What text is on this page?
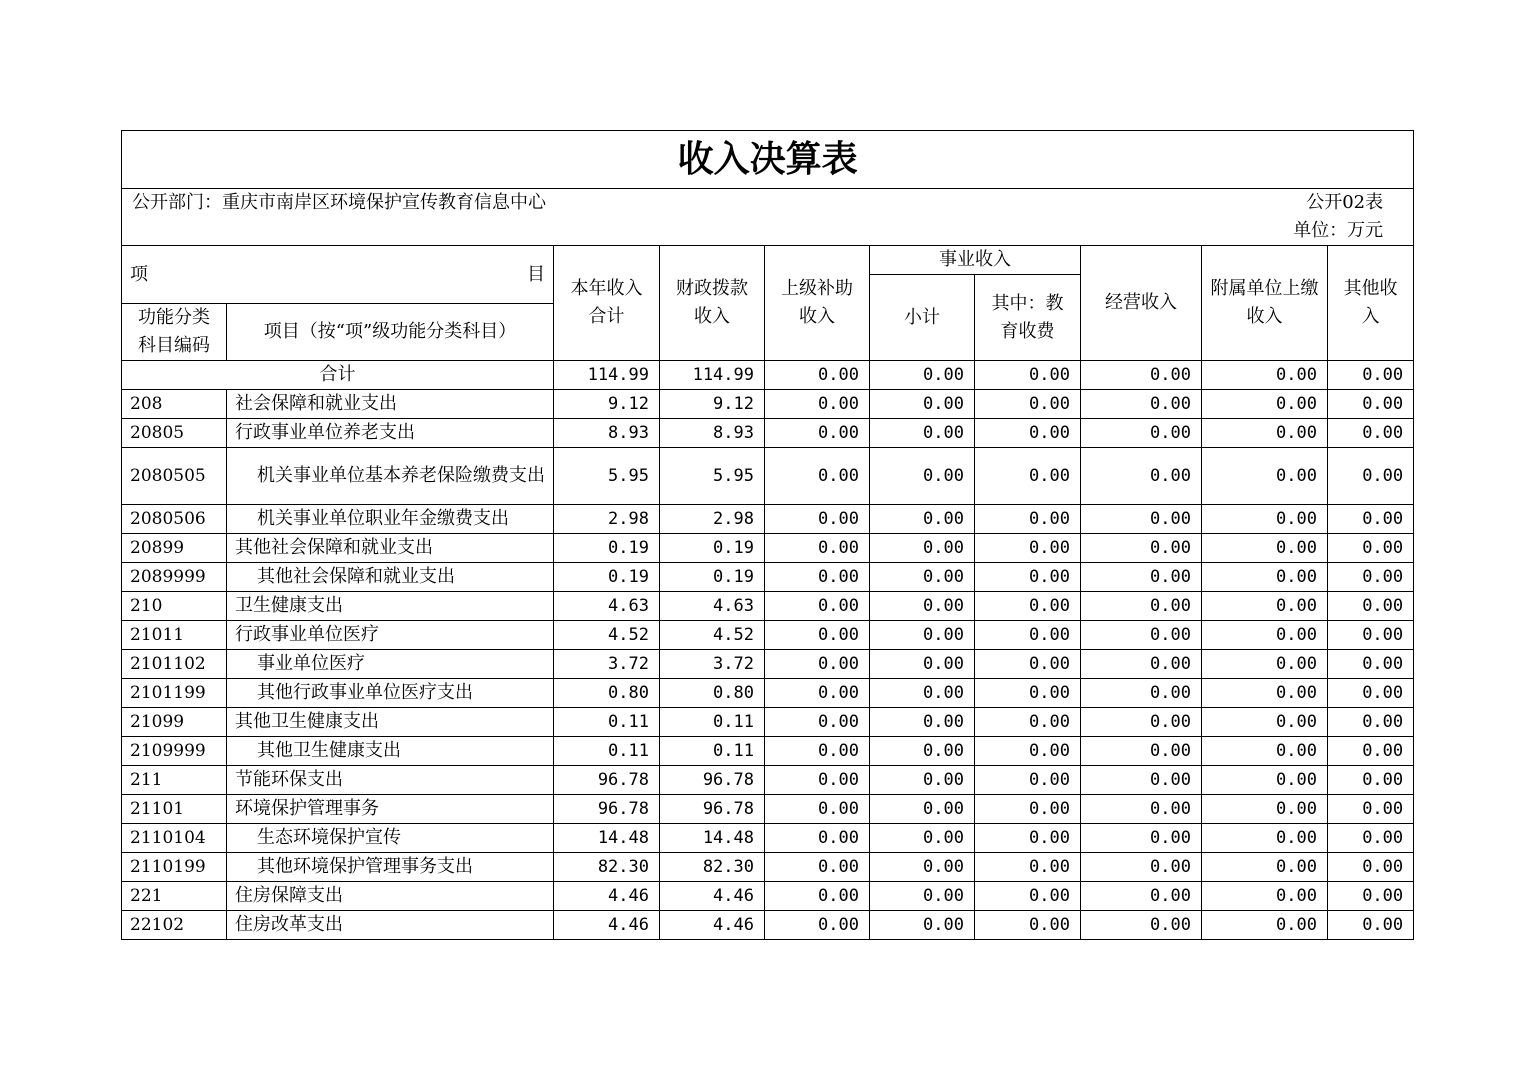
收入决算表									

公开部门：重庆市南岸区环境保护宣传教育信息中心 公开02表
单位：万元									

项 目		本年收入合计	财政拨款收入	上级补助收入	事业收入		经营收入	附属单位上缴收入	其他收入
					小计	其中：教育收费			
功能分类科目编码	项目（按“项”级功能分类科目）								
合计		114.99	114.99	0.00	0.00	0.00	0.00	0.00	0.00
208	社会保障和就业支出	9.12	9.12	0.00	0.00	0.00	0.00	0.00	0.00
20805	行政事业单位养老支出	8.93	8.93	0.00	0.00	0.00	0.00	0.00	0.00
2080505	机关事业单位基本养老保险缴费支出	5.95	5.95	0.00	0.00	0.00	0.00	0.00	0.00
2080506	机关事业单位职业年金缴费支出	2.98	2.98	0.00	0.00	0.00	0.00	0.00	0.00
20899	其他社会保障和就业支出	0.19	0.19	0.00	0.00	0.00	0.00	0.00	0.00
2089999	其他社会保障和就业支出	0.19	0.19	0.00	0.00	0.00	0.00	0.00	0.00
210	卫生健康支出	4.63	4.63	0.00	0.00	0.00	0.00	0.00	0.00
21011	行政事业单位医疗	4.52	4.52	0.00	0.00	0.00	0.00	0.00	0.00
2101102	事业单位医疗	3.72	3.72	0.00	0.00	0.00	0.00	0.00	0.00
2101199	其他行政事业单位医疗支出	0.80	0.80	0.00	0.00	0.00	0.00	0.00	0.00
21099	其他卫生健康支出	0.11	0.11	0.00	0.00	0.00	0.00	0.00	0.00
2109999	其他卫生健康支出	0.11	0.11	0.00	0.00	0.00	0.00	0.00	0.00
211	节能环保支出	96.78	96.78	0.00	0.00	0.00	0.00	0.00	0.00
21101	环境保护管理事务	96.78	96.78	0.00	0.00	0.00	0.00	0.00	0.00
2110104	生态环境保护宣传	14.48	14.48	0.00	0.00	0.00	0.00	0.00	0.00
2110199	其他环境保护管理事务支出	82.30	82.30	0.00	0.00	0.00	0.00	0.00	0.00
221	住房保障支出	4.46	4.46	0.00	0.00	0.00	0.00	0.00	0.00
22102	住房改革支出	4.46	4.46	0.00	0.00	0.00	0.00	0.00	0.00
